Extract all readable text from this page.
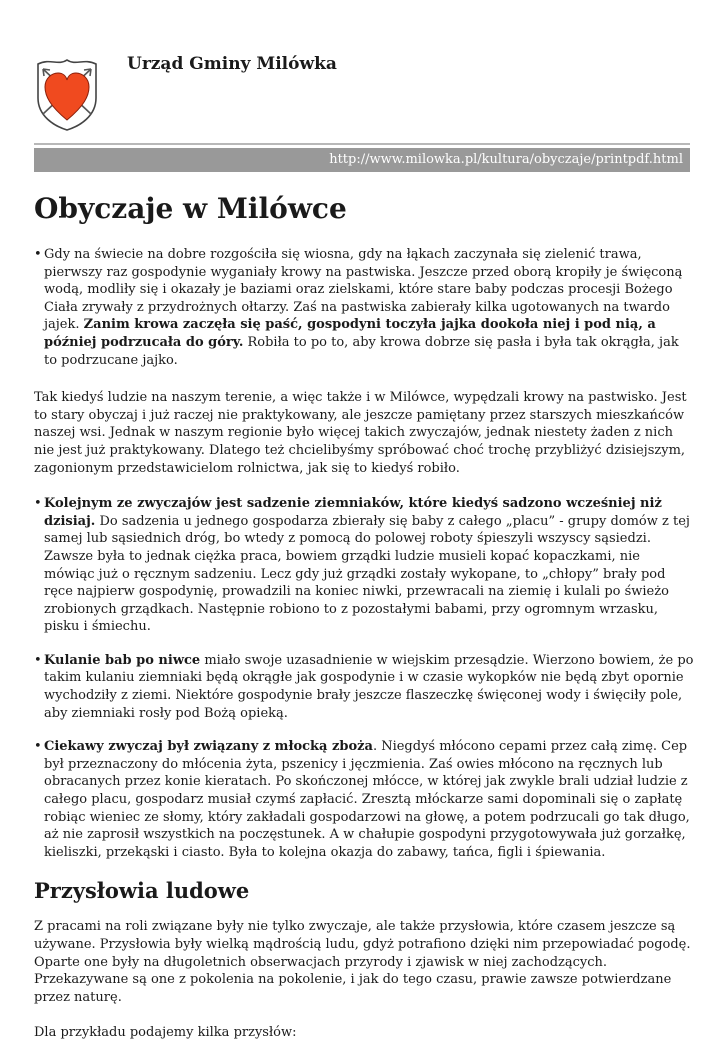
Urząd Gminy Milówka
http://www.milowka.pl/kultura/obyczaje/printpdf.html
Obyczaje w Milówce
• Gdy na świecie na dobre rozgościła się wiosna, gdy na łąkach zaczynała się zielenić trawa, pierwszy raz gospodynie wyganiały krowy na pastwiska. Jeszcze przed oborą kropiły je święconą wodą, modliły się i okazały je baziami oraz zielskami, które stare baby podczas procesji Bożego Ciała zrywały z przydrożnych ołtarzy. Zaś na pastwiska zabierały kilka ugotowanych na twardo jajek. Zanim krowa zaczęła się paść, gospodyni toczyła jajka dookoła niej i pod nią, a później podrzucała do góry. Robiła to po to, aby krowa dobrze się pasła i była tak okrągła, jak to podrzucane jajko.

Tak kiedyś ludzie na naszym terenie, a więc także i w Milówce, wypędzali krowy na pastwisko. Jest to stary obyczaj i już raczej nie praktykowany, ale jeszcze pamiętany przez starszych mieszkańców naszej wsi. Jednak w naszym regionie było więcej takich zwyczajów, jednak niestety żaden z nich nie jest już praktykowany. Dlatego też chcielibyśmy spróbować choć trochę przybliżyć dzisiejszym, zagonionym przedstawicielom rolnictwa, jak się to kiedyś robiło.

• Kolejnym ze zwyczajów jest sadzenie ziemniaków, które kiedyś sadzono wcześniej niż dzisiaj. Do sadzenia u jednego gospodarza zbierały się baby z całego „placu” - grupy domów z tej samej lub sąsiednich dróg, bo wtedy z pomocą do polowej roboty śpieszyli wszyscy sąsiedzi. Zawsze była to jednak ciężka praca, bowiem grządki ludzie musieli kopać kopaczkami, nie mówiąc już o ręcznym sadzeniu. Lecz gdy już grządki zostały wykopane, to „chłopy” brały pod ręce najpierw gospodynię, prowadzili na koniec niwki, przewracali na ziemię i kulali po świeżo zrobionych grządkach. Następnie robiono to z pozostałymi babami, przy ogromnym wrzasku, pisku i śmiechu.
• Kulanie bab po niwce miało swoje uzasadnienie w wiejskim przesądzie. Wierzono bowiem, że po takim kulaniu ziemniaki będą okrągłe jak gospodynie i w czasie wykopków nie będą zbyt opornie wychodziły z ziemi. Niektóre gospodynie brały jeszcze flaszeczkę święconej wody i święciły pole, aby ziemniaki rosły pod Bożą opieką.
• Ciekawy zwyczaj był związany z młocką zboża. Niegdyś młócono cepami przez całą zimę. Cep był przeznaczony do młócenia żyta, pszenicy i jęczmienia. Zaś owies młócono na ręcznych lub obracanych przez konie kieratach. Po skończonej młócce, w której jak zwykle brali udział ludzie z całego placu, gospodarz musiał czymś zapłacić. Zresztą młóckarze sami dopominali się o zapłatę robiąc wieniec ze słomy, który zakładali gospodarzowi na głowę, a potem podrzucali go tak długo, aż nie zaprosił wszystkich na poczęstunek. A w chałupie gospodyni przygotowywała już gorzałkę, kieliszki, przekąski i ciasto. Była to kolejna okazja do zabawy, tańca, figli i śpiewania.
Przysłowia ludowe

Z pracami na roli związane były nie tylko zwyczaje, ale także przysłowia, które czasem jeszcze są używane. Przysłowia były wielką mądrością ludu, gdyż potrafiono dzięki nim przepowiadać pogodę. Oparte one były na długoletnich obserwacjach przyrody i zjawisk w niej zachodzących. Przekazywane są one z pokolenia na pokolenie, i jak do tego czasu, prawie zawsze potwierdzane przez naturę.

Dla przykładu podajemy kilka przysłów:
